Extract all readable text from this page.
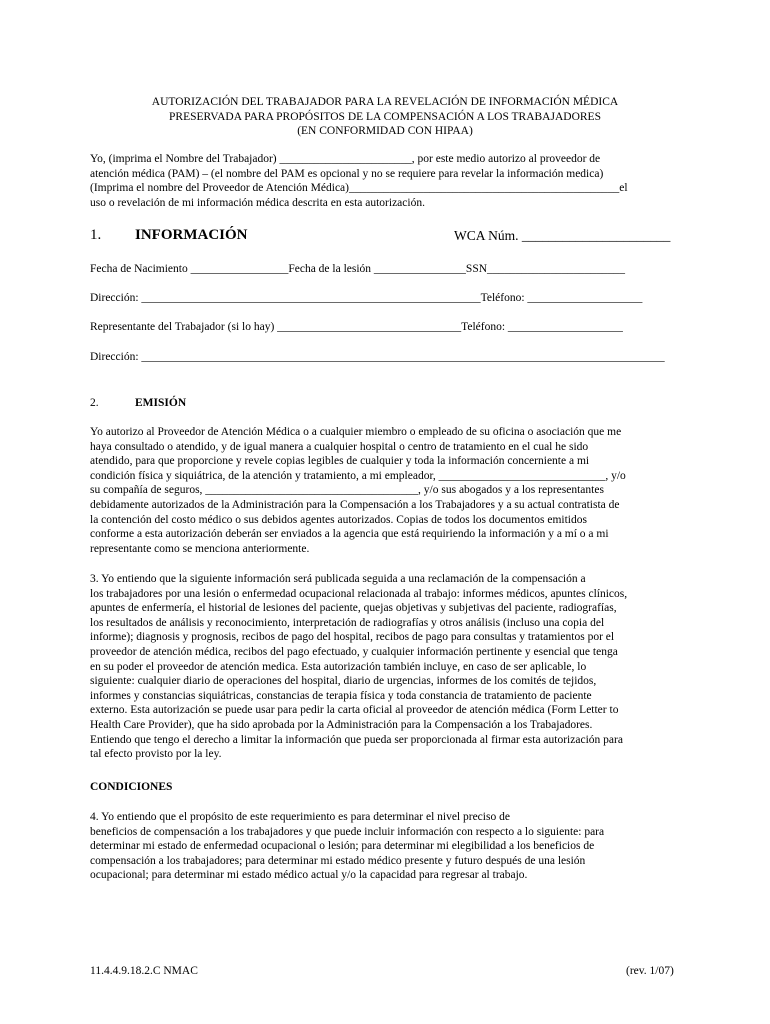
AUTORIZACIÓN DEL TRABAJADOR PARA LA REVELACIÓN DE INFORMACIÓN MÉDICA
PRESERVADA PARA PROPÓSITOS DE LA COMPENSACIÓN A LOS TRABAJADORES
(EN CONFORMIDAD CON HIPAA)
Yo, (imprima el Nombre del Trabajador) _______________________, por este medio autorizo al proveedor de
atención médica (PAM) – (el nombre del PAM es opcional y no se requiere para revelar la información medica)
(Imprima el nombre del Proveedor de Atención Médica)_______________________________________________el
uso o revelación de mi información médica descrita en esta autorización.
1. INFORMACIÓN	WCA Núm. ______________________
Fecha de Nacimiento _________________Fecha de la lesión ________________SSN________________________
Dirección: ___________________________________________________________Teléfono: ____________________
Representante del Trabajador (si lo hay) ________________________________Teléfono: ____________________
Dirección: ___________________________________________________________________________________________
2.	EMISIÓN
Yo autorizo al Proveedor de Atención Médica o a cualquier miembro o empleado de su oficina o asociación que me
haya consultado o atendido, y de igual manera a cualquier hospital o centro de tratamiento en el cual he sido
atendido, para que proporcione y revele copias legibles de cualquier y toda la información concerniente a mi
condición física y siquiátrica, de la atención y tratamiento, a mi empleador, _____________________________, y/o
su compañía de seguros, _____________________________________, y/o sus abogados y a los representantes
debidamente autorizados de la Administración para la Compensación a los Trabajadores y a su actual contratista de
la contención del costo médico o sus debidos agentes autorizados. Copias de todos los documentos emitidos
conforme a esta autorización deberán ser enviados a la agencia que está requiriendo la información y a mí o a mi
representante como se menciona anteriormente.
3. Yo entiendo que la siguiente información será publicada seguida a una reclamación de la compensación a
los trabajadores por una lesión o enfermedad ocupacional relacionada al trabajo: informes médicos, apuntes clínicos,
apuntes de enfermería, el historial de lesiones del paciente, quejas objetivas y subjetivas del paciente, radiografías,
los resultados de análisis y reconocimiento, interpretación de radiografías y otros análisis (incluso una copia del
informe); diagnosis y prognosis, recibos de pago del hospital, recibos de pago para consultas y tratamientos por el
proveedor de atención médica, recibos del pago efectuado, y cualquier información pertinente y esencial que tenga
en su poder el proveedor de atención medica. Esta autorización también incluye, en caso de ser aplicable, lo
siguiente: cualquier diario de operaciones del hospital, diario de urgencias, informes de los comités de tejidos,
informes y constancias siquiátricas, constancias de terapia física y toda constancia de tratamiento de paciente
externo. Esta autorización se puede usar para pedir la carta oficial al proveedor de atención médica (Form Letter to
Health Care Provider), que ha sido aprobada por la Administración para la Compensación a los Trabajadores.
Entiendo que tengo el derecho a limitar la información que pueda ser proporcionada al firmar esta autorización para
tal efecto provisto por la ley.
CONDICIONES
4. Yo entiendo que el propósito de este requerimiento es para determinar el nivel preciso de
beneficios de compensación a los trabajadores y que puede incluir información con respecto a lo siguiente: para
determinar mi estado de enfermedad ocupacional o lesión; para determinar mi elegibilidad a los beneficios de
compensación a los trabajadores; para determinar mi estado médico presente y futuro después de una lesión
ocupacional; para determinar mi estado médico actual y/o la capacidad para regresar al trabajo.
11.4.4.9.18.2.C NMAC	(rev. 1/07)
